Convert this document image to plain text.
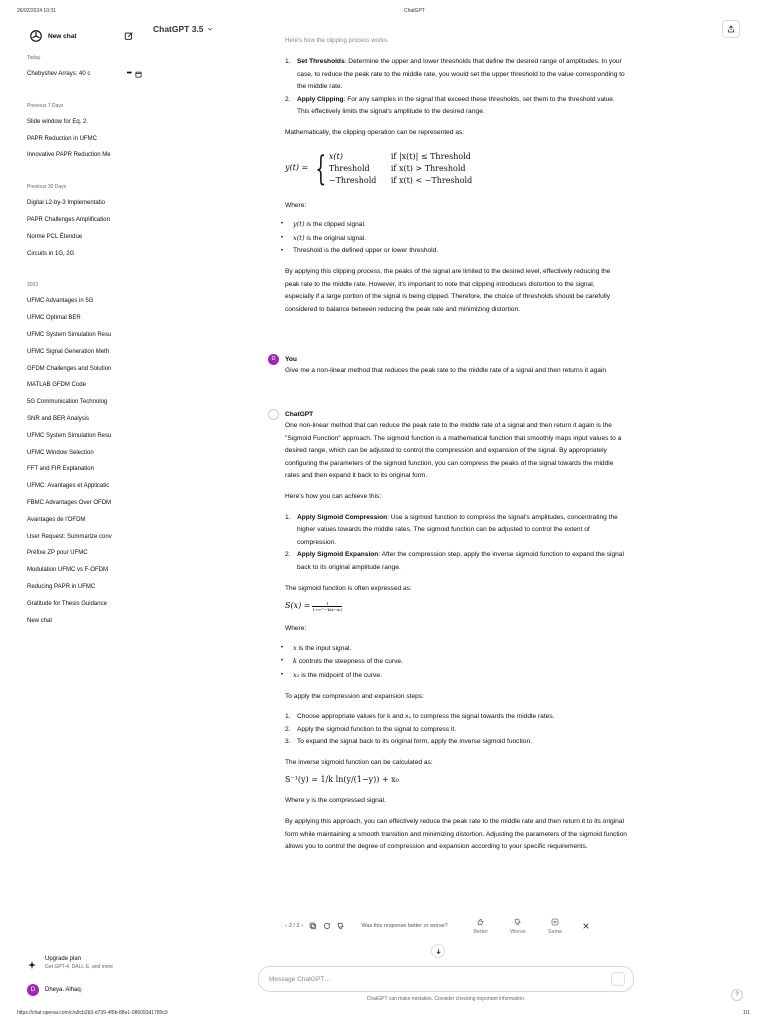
26/02/2024 10:31	ChatGPT
New chat
Today
Chebyshev Arrays: 40 c	•••
Previous 7 Days
Slide window for Eq. 2.
PAPR Reduction in UFMC
Innovative PAPR Reduction Me
Previous 30 Days
Digital L2-by-3 Implementatio
PAPR Challenges Amplification
Norme PCL Étendue
Circuits in 1G, 2G
2023
UFMC Advantages in 5G
UFMC Optimal BER
UFMC System Simulation Resu
UFMC Signal Generation Meth
GFDM Challenges and Solution
MATLAB GFDM Code
5G Communication Technolog
SNR and BER Analysis
UFMC System Simulation Resu
UFMC Window Selection
FFT and FIR Explanation
UFMC: Avantages et Applicatic
FBMC Advantages Over OFDM
Avantages de l'OFDM
User Request: Summarize conv
Préfixe ZP pour UFMC
Modulation UFMC vs F-OFDM
Reducing PAPR in UFMC
Gratitude for Thesis Guidance
New chat
Upgrade plan
Get GPT-4, DALL·E, and more
D	Dheya. Alhaq.
ChatGPT 3.5
Here's how the clipping process works:
1. Set Thresholds: Determine the upper and lower thresholds that define the desired range of amplitudes. In your case, to reduce the peak rate to the middle rate, you would set the upper threshold to the value corresponding to the middle rate.
2. Apply Clipping: For any samples in the signal that exceed these thresholds, set them to the threshold value. This effectively limits the signal's amplitude to the desired range.

Mathematically, the clipping operation can be represented as:

y(t) = { x(t)	if |x(t)| ≤ Threshold
Threshold	if x(t) > Threshold
−Threshold	if x(t) < −Threshold

Where:

• y(t) is the clipped signal.
• x(t) is the original signal.
• Threshold is the defined upper or lower threshold.

By applying this clipping process, the peaks of the signal are limited to the desired level, effectively reducing the peak rate to the middle rate. However, it's important to note that clipping introduces distortion to the signal, especially if a large portion of the signal is being clipped. Therefore, the choice of thresholds should be carefully considered to balance between reducing the peak rate and minimizing distortion.

D	You
Give me a non-linear method that reduces the peak rate to the middle rate of a signal and then returns it again
ChatGPT

One non-linear method that can reduce the peak rate to the middle rate of a signal and then return it again is the "Sigmoid Function" approach. The sigmoid function is a mathematical function that smoothly maps input values to a desired range, which can be adjusted to control the compression and expansion of the signal. By appropriately configuring the parameters of the sigmoid function, you can compress the peaks of the signal towards the middle rates and then expand it back to its original form.

Here's how you can achieve this:

1. Apply Sigmoid Compression: Use a sigmoid function to compress the signal's amplitudes, concentrating the higher values towards the middle rates. The sigmoid function can be adjusted to control the extent of compression.
2. Apply Sigmoid Expansion: After the compression step, apply the inverse sigmoid function to expand the signal back to its original amplitude range.

The sigmoid function is often expressed as:

$S(x) = \frac{1}{\text{1+e\textasciicircum{}−k(x−x₀)}}$

Where:

• x is the input signal.
• k controls the steepness of the curve.
• x₀ is the midpoint of the curve.

To apply the compression and expansion steps:

1. Choose appropriate values for k and x₀ to compress the signal towards the middle rates.
2. Apply the sigmoid function to the signal to compress it.
3. To expand the signal back to its original form, apply the inverse sigmoid function.

The inverse sigmoid function can be calculated as:

S⁻¹(y) = 1/k ln(y/(1−y)) + x₀

Where y is the compressed signal.

By applying this approach, you can effectively reduce the peak rate to the middle rate and then return it to its original form while maintaining a smooth transition and minimizing distortion. Adjusting the parameters of the sigmoid function allows you to control the degree of compression and expansion according to your specific requirements.

‹ 2 / 2 ›	Was this response better or worse?
Better	Worse	Same
Message ChatGPT…
ChatGPT can make mistakes. Consider checking important information.
?
https://chat.openai.com/c/a9cb2b3-d739-4f5b-88e1-086093d1780c9	1/1
